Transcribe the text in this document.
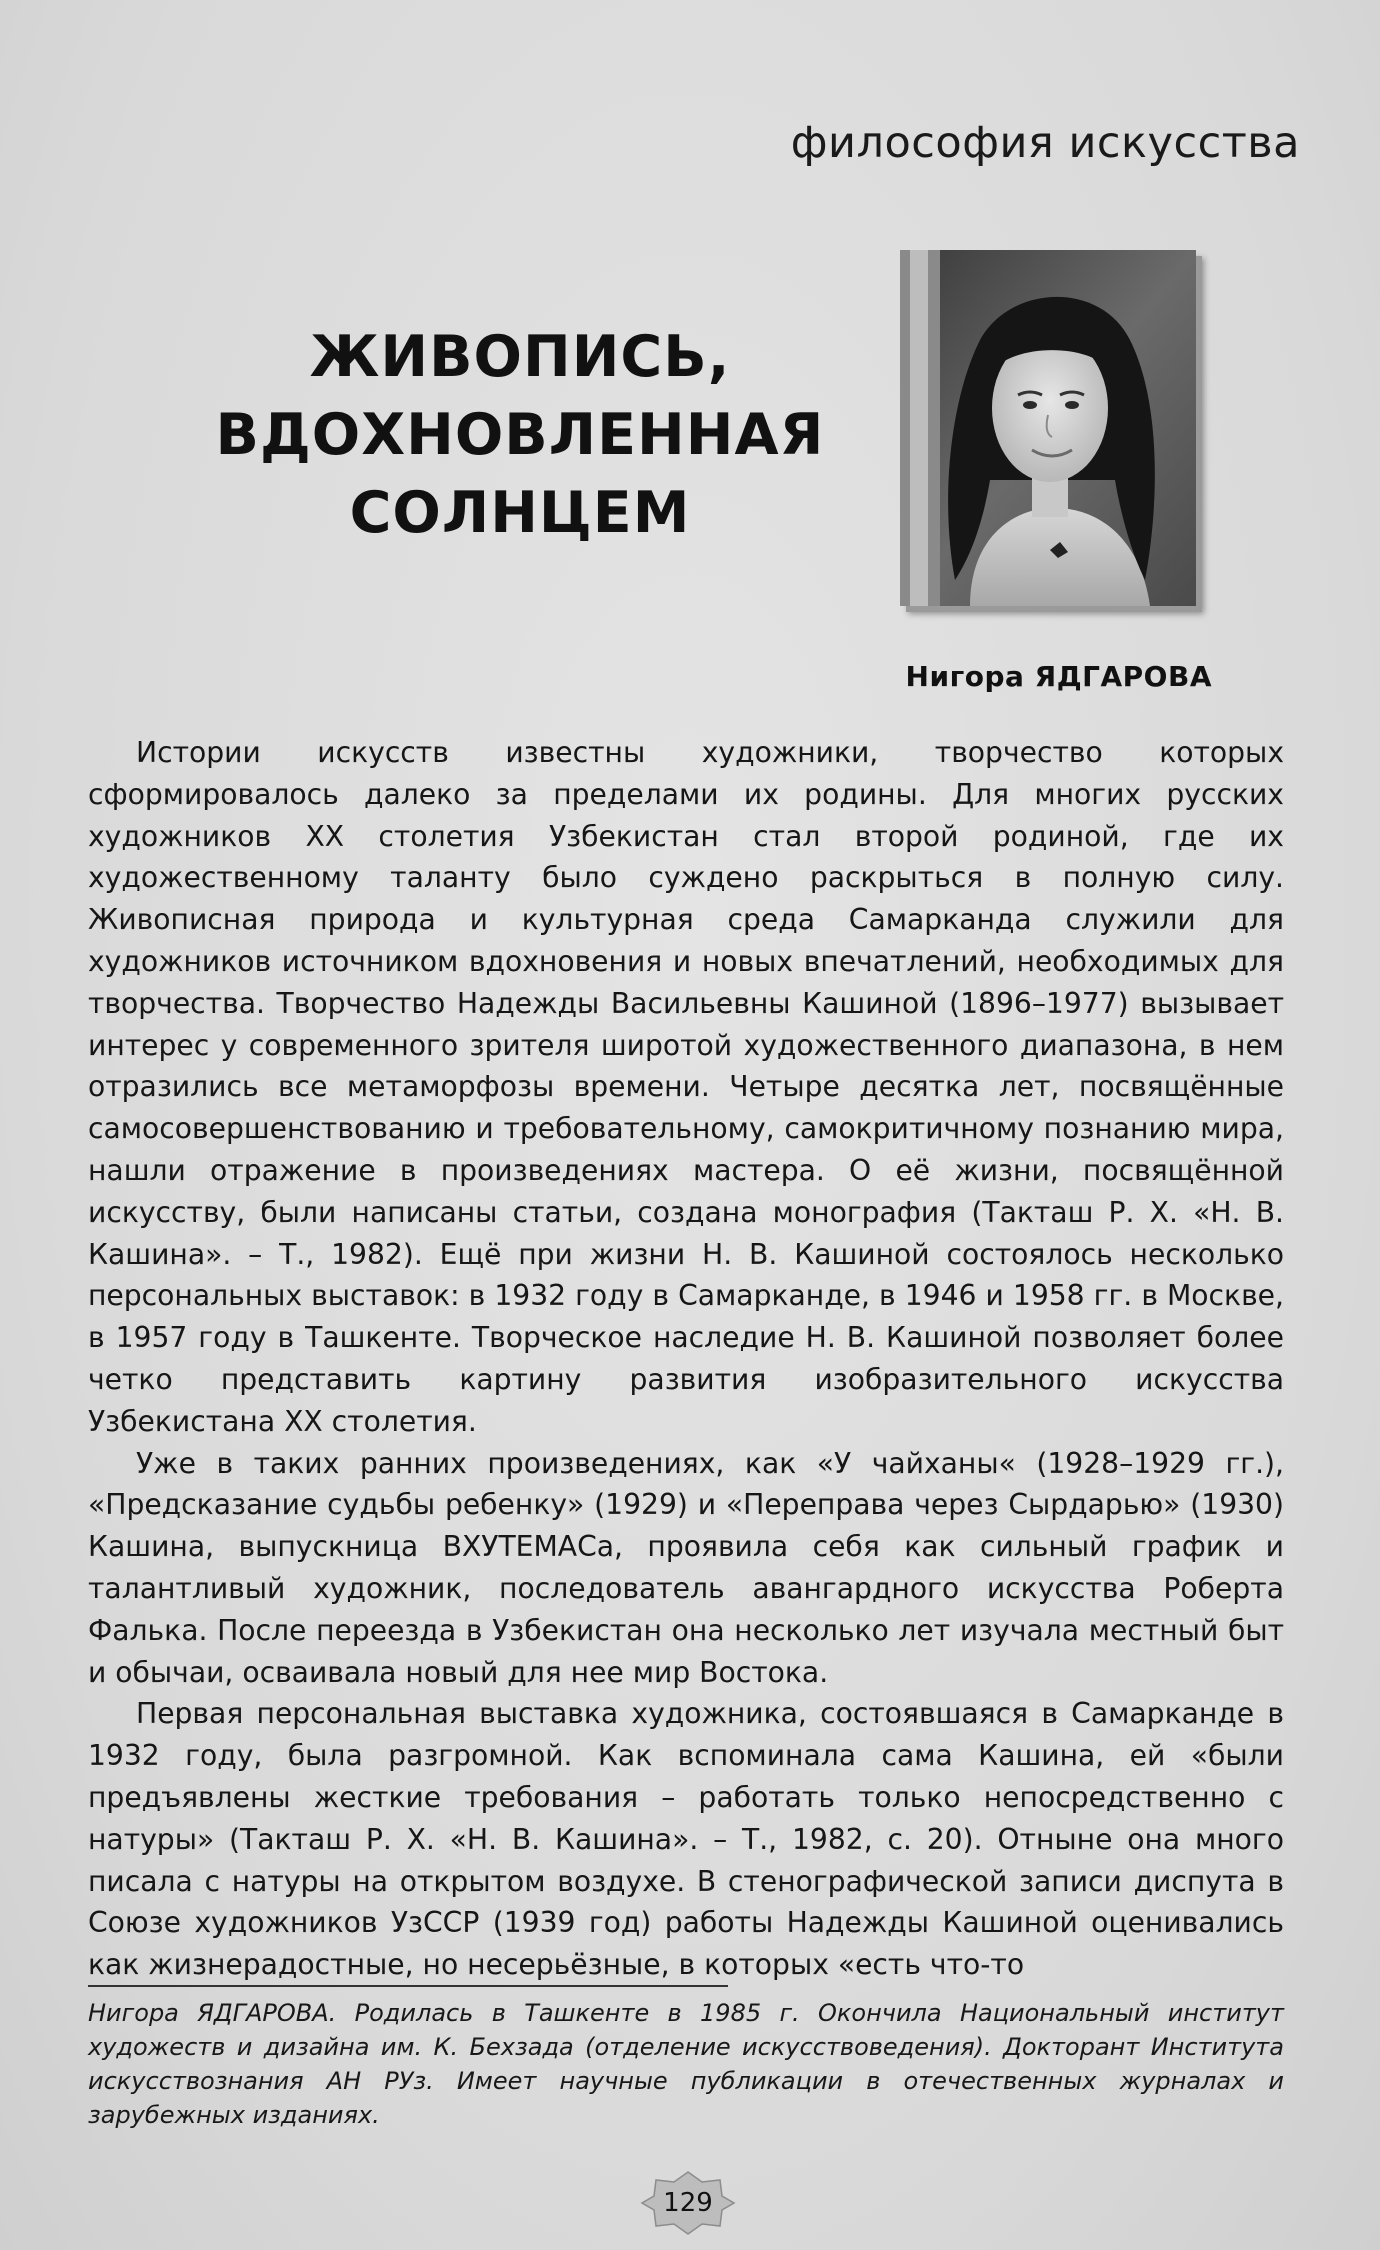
философия искусства
ЖИВОПИСЬ,
ВДОХНОВЛЕННАЯ
СОЛНЦЕМ
Нигора ЯДГАРОВА

Истории искусств известны художники, творчество которых сформировалось далеко за пределами их родины. Для многих русских художников XX столетия Узбекистан стал второй родиной, где их художественному таланту было суждено раскрыться в полную силу. Живописная природа и культурная среда Самарканда служили для художников источником вдохновения и новых впечатлений, необходимых для творчества. Творчество Надежды Васильевны Кашиной (1896–1977) вызывает интерес у современного зрителя широтой художественного диапазона, в нем отразились все метаморфозы времени. Четыре десятка лет, посвящённые самосовершенствованию и требовательному, самокритичному познанию мира, нашли отражение в произведениях мастера. О её жизни, посвящённой искусству, были написаны статьи, создана монография (Такташ Р. Х. «Н. В. Кашина». – Т., 1982). Ещё при жизни Н. В. Кашиной состоялось несколько персональных выставок: в 1932 году в Самарканде, в 1946 и 1958 гг. в Москве, в 1957 году в Ташкенте. Творческое наследие Н. В. Кашиной позволяет более четко представить картину развития изобразительного искусства Узбекистана XX столетия.

Уже в таких ранних произведениях, как «У чайханы« (1928–1929 гг.), «Предсказание судьбы ребенку» (1929) и «Переправа через Сырдарью» (1930) Кашина, выпускница ВХУТЕМАСа, проявила себя как сильный график и талантливый художник, последователь авангардного искусства Роберта Фалька. После переезда в Узбекистан она несколько лет изучала местный быт и обычаи, осваивала новый для нее мир Востока.

Первая персональная выставка художника, состоявшаяся в Самарканде в 1932 году, была разгромной. Как вспоминала сама Кашина, ей «были предъявлены жесткие требования – работать только непосредственно с натуры» (Такташ Р. Х. «Н. В. Кашина». – Т., 1982, с. 20). Отныне она много писала с натуры на открытом воздухе. В стенографической записи диспута в Союзе художников УзССР (1939 год) работы Надежды Кашиной оценивались как жизнерадостные, но несерьёзные, в которых «есть что-то

Нигора ЯДГАРОВА. Родилась в Ташкенте в 1985 г. Окончила Национальный институт художеств и дизайна им. К. Бехзада (отделение искусствоведения). Докторант Института искусствознания АН РУз. Имеет научные публикации в отечественных журналах и зарубежных изданиях.
129
